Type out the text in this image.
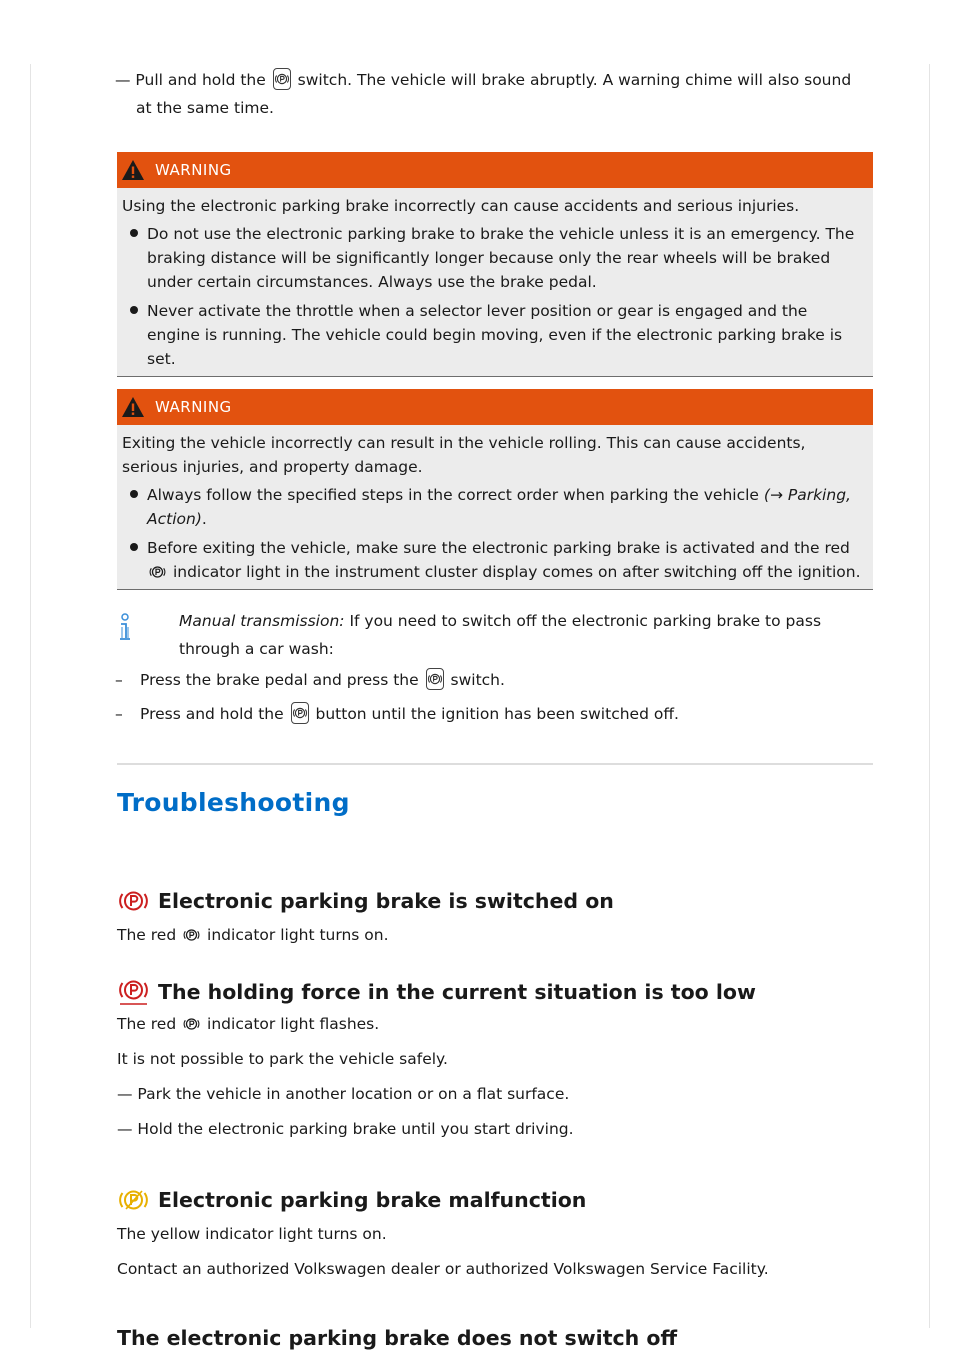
— Pull and hold the switch. The vehicle will brake abruptly. A warning chime will also sound

at the same time.

WARNING

Using the electronic parking brake incorrectly can cause accidents and serious injuries.

Do not use the electronic parking brake to brake the vehicle unless it is an emergency. The braking distance will be significantly longer because only the rear wheels will be braked under certain circumstances. Always use the brake pedal.
Never activate the throttle when a selector lever position or gear is engaged and the engine is running. The vehicle could begin moving, even if the electronic parking brake is set.
WARNING

Exiting the vehicle incorrectly can result in the vehicle rolling. This can cause accidents, serious injuries, and property damage.

Always follow the specified steps in the correct order when parking the vehicle (→ Parking, Action).
Before exiting the vehicle, make sure the electronic parking brake is activated and the red
indicator light in the instrument cluster display comes on after switching off the ignition.
Manual transmission: If you need to switch off the electronic parking brake to pass through a car wash:
–	Press the brake pedal and press the switch.
–	Press and hold the button until the ignition has been switched off.
Troubleshooting
Electronic parking brake is switched on

The red indicator light turns on.

The holding force in the current situation is too low

The red indicator light flashes.

It is not possible to park the vehicle safely.

— Park the vehicle in another location or on a flat surface.

— Hold the electronic parking brake until you start driving.

Electronic parking brake malfunction

The yellow indicator light turns on.

Contact an authorized Volkswagen dealer or authorized Volkswagen Service Facility.

The electronic parking brake does not switch off
